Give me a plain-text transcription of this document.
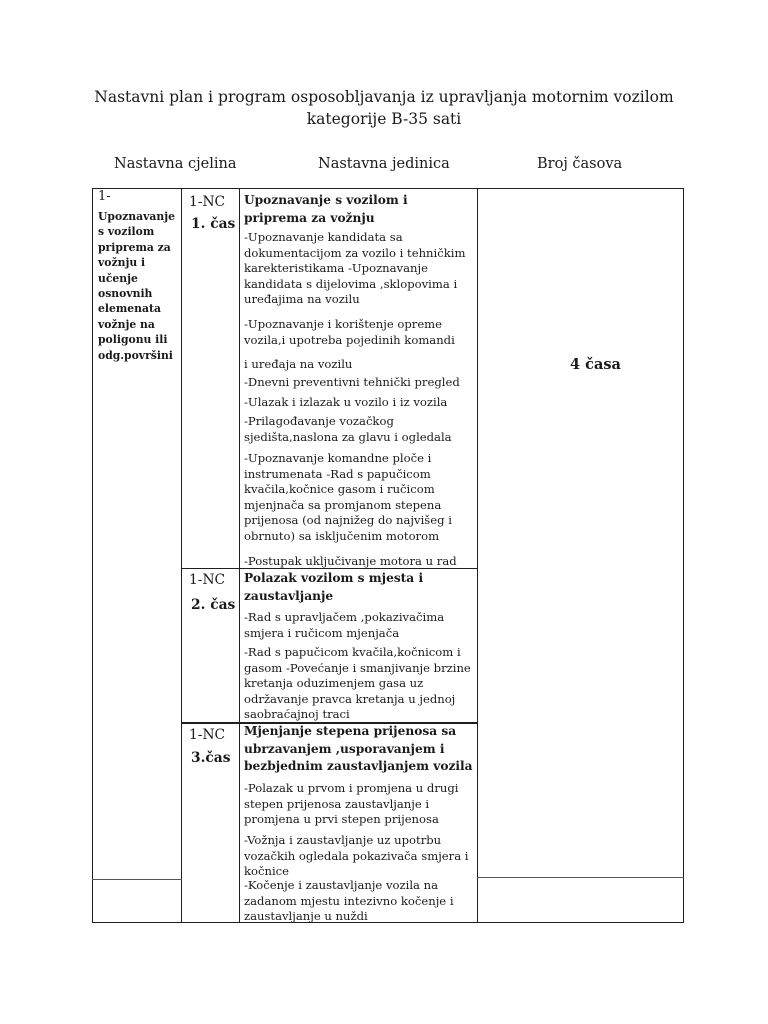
Nastavni plan i program osposobljavanja iz upravljanja motornim vozilom
kategorije B-35 sati
Nastavna cjelina	Nastavna jedinica	Broj časova
1-
Upoznavanje s vozilom priprema za vožnju i učenje osnovnih elemenata vožnje na poligonu ili odg.površini
4 časa
1-NC
1. čas
Upoznavanje s vozilom i priprema za vožnju
-Upoznavanje kandidata sa dokumentacijom za vozilo i tehničkim karekteristikama -Upoznavanje kandidata s dijelovima ,sklopovima i uređajima na vozilu
-Upoznavanje i korištenje opreme vozila,i upotreba pojedinih komandi
i uređaja na vozilu
-Dnevni preventivni tehnički pregled
-Ulazak i izlazak u vozilo i iz vozila
-Prilagođavanje vozačkog sjedišta,naslona za glavu i ogledala
-Upoznavanje komandne ploče i instrumenata -Rad s papučicom kvačila,kočnice gasom i ručicom mjenjnača sa promjanom stepena prijenosa (od najnižeg do najvišeg i obrnuto) sa isključenim motorom
-Postupak uključivanje motora u rad
1-NC
2. čas
Polazak vozilom s mjesta i zaustavljanje
-Rad s upravljačem ,pokazivačima smjera i ručicom mjenjača
-Rad s papučicom kvačila,kočnicom i gasom -Povećanje i smanjivanje brzine kretanja oduzimenjem gasa uz održavanje pravca kretanja u jednoj saobraćajnoj traci
1-NC
3.čas
Mjenjanje stepena prijenosa sa ubrzavanjem ,usporavanjem i bezbjednim zaustavljanjem vozila
-Polazak u prvom i promjena u drugi stepen prijenosa zaustavljanje i promjena u prvi stepen prijenosa
-Vožnja i zaustavljanje uz upotrbu vozačkih ogledala pokazivača smjera i kočnice
-Kočenje i zaustavljanje vozila na zadanom mjestu intezivno kočenje i zaustavljanje u nuždi
